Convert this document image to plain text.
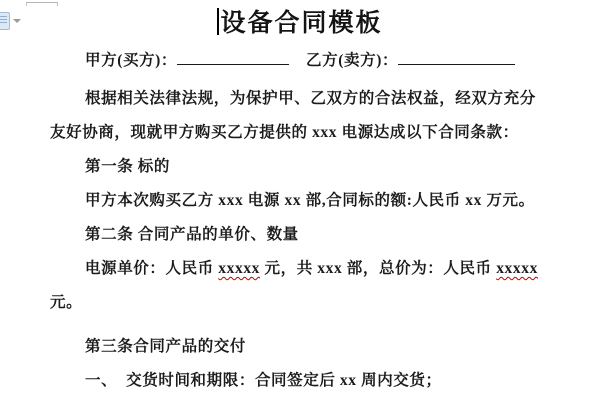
设备合同模板
甲方(买方)：	乙方(卖方)：
根据相关法律法规，为保护甲、乙双方的合法权益，经双方充分
友好协商，现就甲方购买乙方提供的 xxx 电源达成以下合同条款：
第一条 标的
甲方本次购买乙方 xxx 电源 xx 部,合同标的额:人民币 xx 万元。
第二条 合同产品的单价、数量
电源单价：人民币 xxxxx 元，共 xxx 部，总价为：人民币 xxxxx
元。
第三条合同产品的交付
一、  交货时间和期限：合同签定后 xx 周内交货；
